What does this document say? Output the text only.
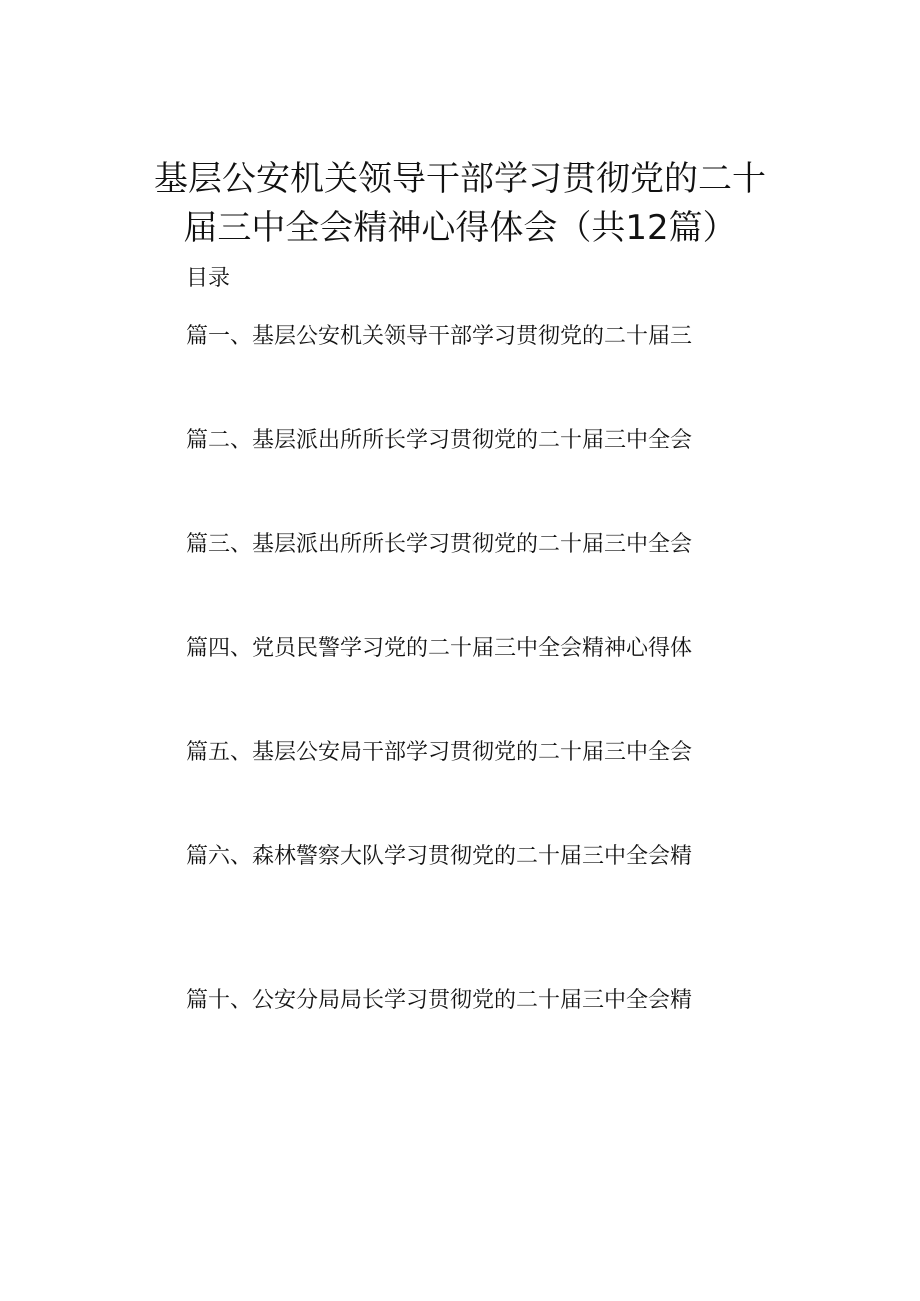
基层公安机关领导干部学习贯彻党的二十
届三中全会精神心得体会（共12篇）
目录
篇一、基层公安机关领导干部学习贯彻党的二十届三
篇二、基层派出所所长学习贯彻党的二十届三中全会
篇三、基层派出所所长学习贯彻党的二十届三中全会
篇四、党员民警学习党的二十届三中全会精神心得体
篇五、基层公安局干部学习贯彻党的二十届三中全会
篇六、森林警察大队学习贯彻党的二十届三中全会精
篇十、公安分局局长学习贯彻党的二十届三中全会精
